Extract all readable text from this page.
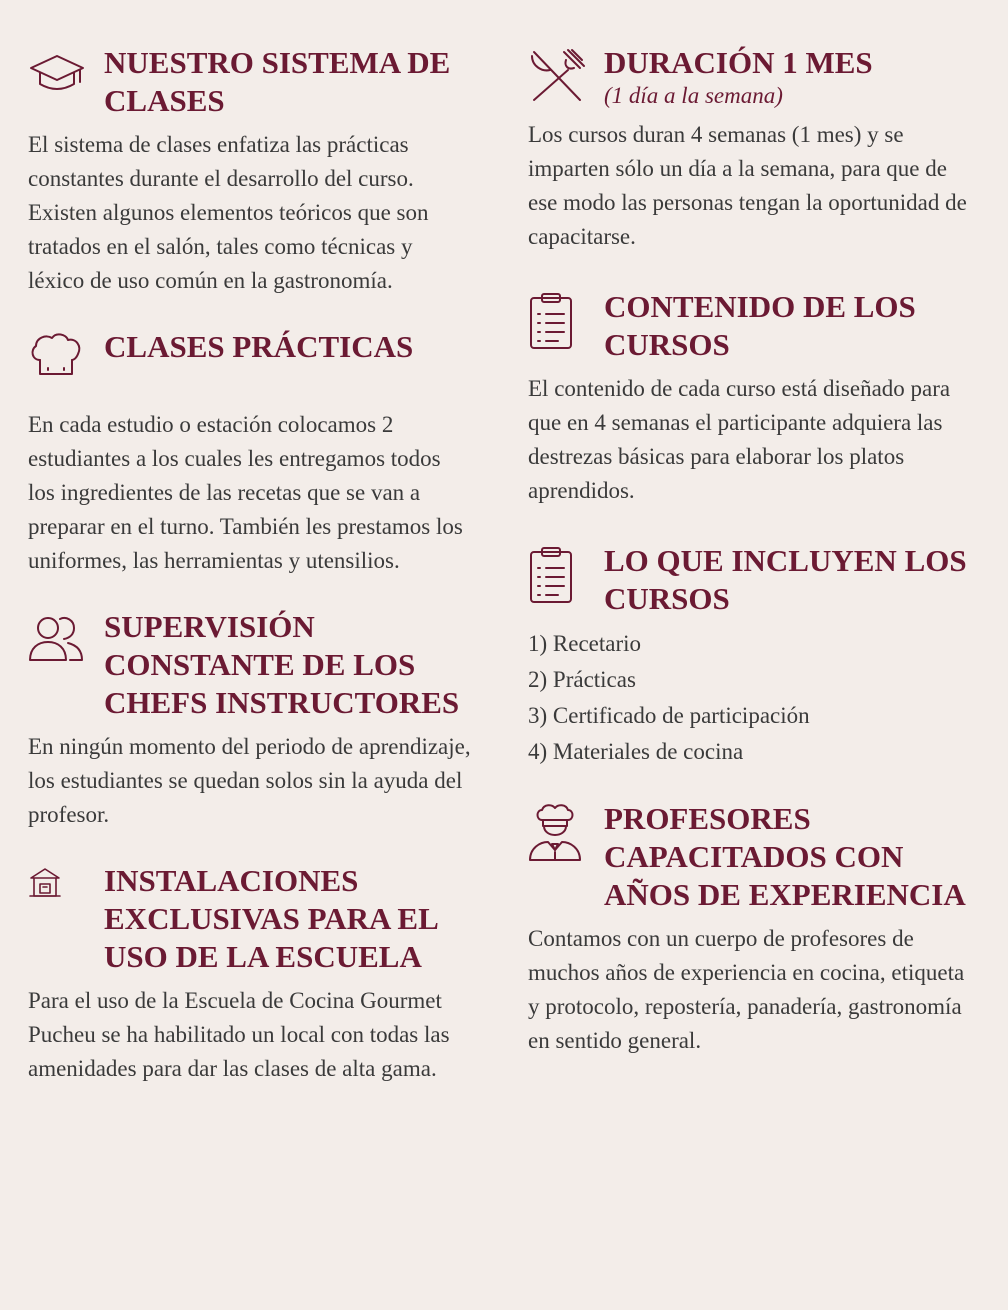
NUESTRO SISTEMA DE CLASES

El sistema de clases enfatiza las prácticas constantes durante el desarrollo del curso. Existen algunos elementos teóricos que son tratados en el salón, tales como técnicas y léxico de uso común en la gastronomía.

CLASES PRÁCTICAS

En cada estudio o estación colocamos 2 estudiantes a los cuales les entregamos todos los ingredientes de las recetas que se van a preparar en el turno. También les prestamos los uniformes, las herramientas y utensilios.

SUPERVISIÓN CONSTANTE DE LOS CHEFS INSTRUCTORES

En ningún momento del periodo de aprendizaje, los estudiantes se quedan solos sin la ayuda del profesor.

INSTALACIONES EXCLUSIVAS PARA EL USO DE LA ESCUELA

Para el uso de la Escuela de Cocina Gourmet Pucheu se ha habilitado un local con todas las amenidades para dar las clases de alta gama.

DURACIÓN 1 MES

(1 día a la semana)

Los cursos duran 4 semanas (1 mes) y se imparten sólo un día a la semana, para que de ese modo las personas tengan la oportunidad de capacitarse.

CONTENIDO DE LOS CURSOS

El contenido de cada curso está diseñado para que en 4 semanas el participante adquiera las destrezas básicas para elaborar los platos aprendidos.

LO QUE INCLUYEN LOS CURSOS
1) Recetario
2) Prácticas
3) Certificado de participación
4) Materiales de cocina
PROFESORES CAPACITADOS CON AÑOS DE EXPERIENCIA

Contamos con un cuerpo de profesores de muchos años de experiencia en cocina, etiqueta y protocolo, repostería, panadería, gastronomía en sentido general.
